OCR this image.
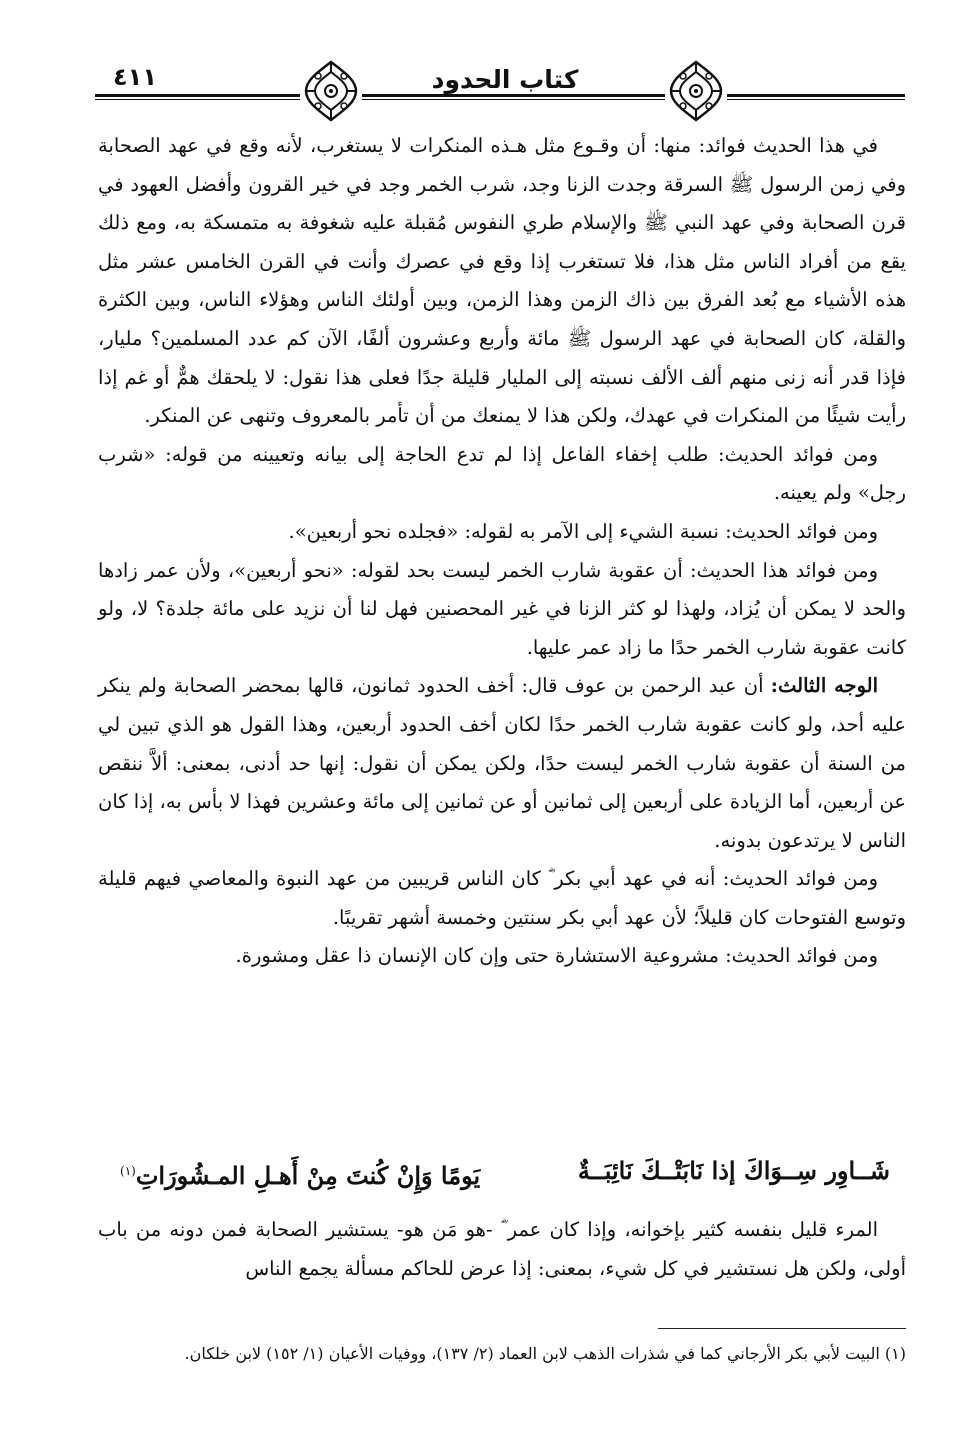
٤١١	كتاب الحدود

في هذا الحديث فوائد: منها: أن وقـوع مثل هـذه المنكرات لا يستغرب، لأنه وقع في عهد الصحابة وفي زمن الرسول ﷺ السرقة وجدت الزنا وجد، شرب الخمر وجد في خير القرون وأفضل العهود في قرن الصحابة وفي عهد النبي ﷺ والإسلام طري النفوس مُقبلة عليه شغوفة به متمسكة به، ومع ذلك يقع من أفراد الناس مثل هذا، فلا تستغرب إذا وقع في عصرك وأنت في القرن الخامس عشر مثل هذه الأشياء مع بُعد الفرق بين ذاك الزمن وهذا الزمن، وبين أولئك الناس وهؤلاء الناس، وبين الكثرة والقلة، كان الصحابة في عهد الرسول ﷺ مائة وأربع وعشرون ألفًا، الآن كم عدد المسلمين؟ مليار، فإذا قدر أنه زنى منهم ألف الألف نسبته إلى المليار قليلة جدًا فعلى هذا نقول: لا يلحقك همٌّ أو غم إذا رأيت شيئًا من المنكرات في عهدك، ولكن هذا لا يمنعك من أن تأمر بالمعروف وتنهى عن المنكر.

ومن فوائد الحديث: طلب إخفاء الفاعل إذا لم تدع الحاجة إلى بيانه وتعيينه من قوله: «شرب رجل» ولم يعينه.

ومن فوائد الحديث: نسبة الشيء إلى الآمر به لقوله: «فجلده نحو أربعين».

ومن فوائد هذا الحديث: أن عقوبة شارب الخمر ليست بحد لقوله: «نحو أربعين»، ولأن عمر زادها والحد لا يمكن أن يُزاد، ولهذا لو كثر الزنا في غير المحصنين فهل لنا أن نزيد على مائة جلدة؟ لا، ولو كانت عقوبة شارب الخمر حدًا ما زاد عمر عليها.

الوجه الثالث: أن عبد الرحمن بن عوف قال: أخف الحدود ثمانون، قالها بمحضر الصحابة ولم ينكر عليه أحد، ولو كانت عقوبة شارب الخمر حدًا لكان أخف الحدود أربعين، وهذا القول هو الذي تبين لي من السنة أن عقوبة شارب الخمر ليست حدًا، ولكن يمكن أن نقول: إنها حد أدنى، بمعنى: ألاَّ ننقص عن أربعين، أما الزيادة على أربعين إلى ثمانين أو عن ثمانين إلى مائة وعشرين فهذا لا بأس به، إذا كان الناس لا يرتدعون بدونه.

ومن فوائد الحديث: أنه في عهد أبي بكر ؓ كان الناس قريبين من عهد النبوة والمعاصي فيهم قليلة وتوسع الفتوحات كان قليلاً؛ لأن عهد أبي بكر سنتين وخمسة أشهر تقريبًا.

ومن فوائد الحديث: مشروعية الاستشارة حتى وإن كان الإنسان ذا عقل ومشورة.

شَــاوِر سِــوَاكَ إذا نَابَتْــكَ نَائِبَــةٌ
يَومًا وَإِنْ كُنتَ مِنْ أَهـلِ المـشُورَاتِ$^{(١)}$

المرء قليل بنفسه كثير بإخوانه، وإذا كان عمر ؓ -هو مَن هو- يستشير الصحابة فمن دونه من باب أولى، ولكن هل نستشير في كل شيء، بمعنى: إذا عرض للحاكم مسألة يجمع الناس

(١) البيت لأبي بكر الأرجاني كما في شذرات الذهب لابن العماد (٢/ ١٣٧)، ووفيات الأعيان (١/ ١٥٢) لابن خلكان.
